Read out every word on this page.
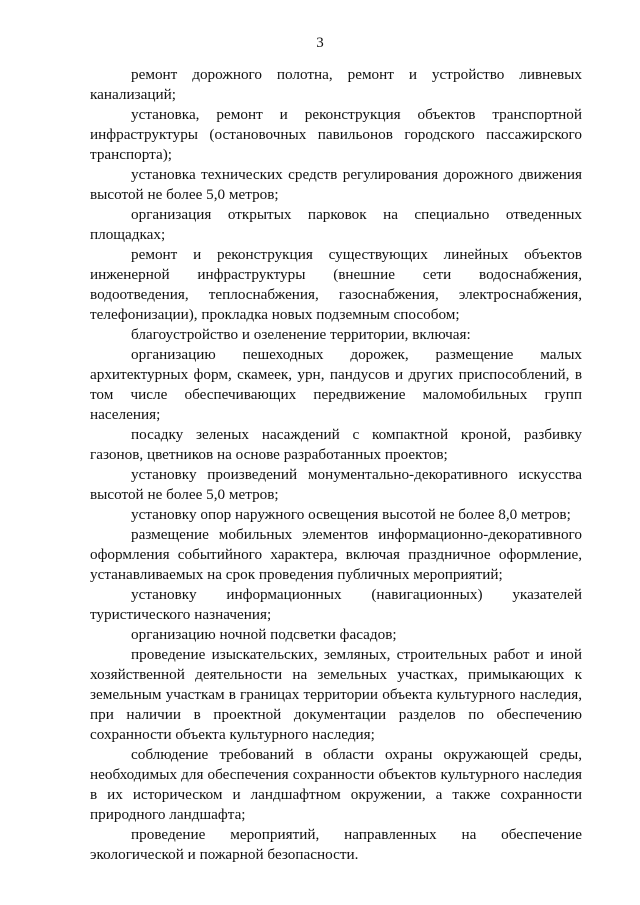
3

ремонт дорожного полотна, ремонт и устройство ливневых канализаций;

установка, ремонт и реконструкция объектов транспортной инфраструктуры (остановочных павильонов городского пассажирского транспорта);

установка технических средств регулирования дорожного движения высотой не более 5,0 метров;

организация открытых парковок на специально отведенных площадках;

ремонт и реконструкция существующих линейных объектов инженерной инфраструктуры (внешние сети водоснабжения, водоотведения, теплоснабжения, газоснабжения, электроснабжения, телефонизации), прокладка новых подземным способом;

благоустройство и озеленение территории, включая:

организацию пешеходных дорожек, размещение малых архитектурных форм, скамеек, урн, пандусов и других приспособлений, в том числе обеспечивающих передвижение маломобильных групп населения;

посадку зеленых насаждений с компактной кроной, разбивку газонов, цветников на основе разработанных проектов;

установку произведений монументально-декоративного искусства высотой не более 5,0 метров;

установку опор наружного освещения высотой не более 8,0 метров;

размещение мобильных элементов информационно-декоративного оформления событийного характера, включая праздничное оформление, устанавливаемых на срок проведения публичных мероприятий;

установку информационных (навигационных) указателей туристического назначения;

организацию ночной подсветки фасадов;

проведение изыскательских, земляных, строительных работ и иной хозяйственной деятельности на земельных участках, примыкающих к земельным участкам в границах территории объекта культурного наследия, при наличии в проектной документации разделов по обеспечению сохранности объекта культурного наследия;

соблюдение требований в области охраны окружающей среды, необходимых для обеспечения сохранности объектов культурного наследия в их историческом и ландшафтном окружении, а также сохранности природного ландшафта;

проведение мероприятий, направленных на обеспечение экологической и пожарной безопасности.
